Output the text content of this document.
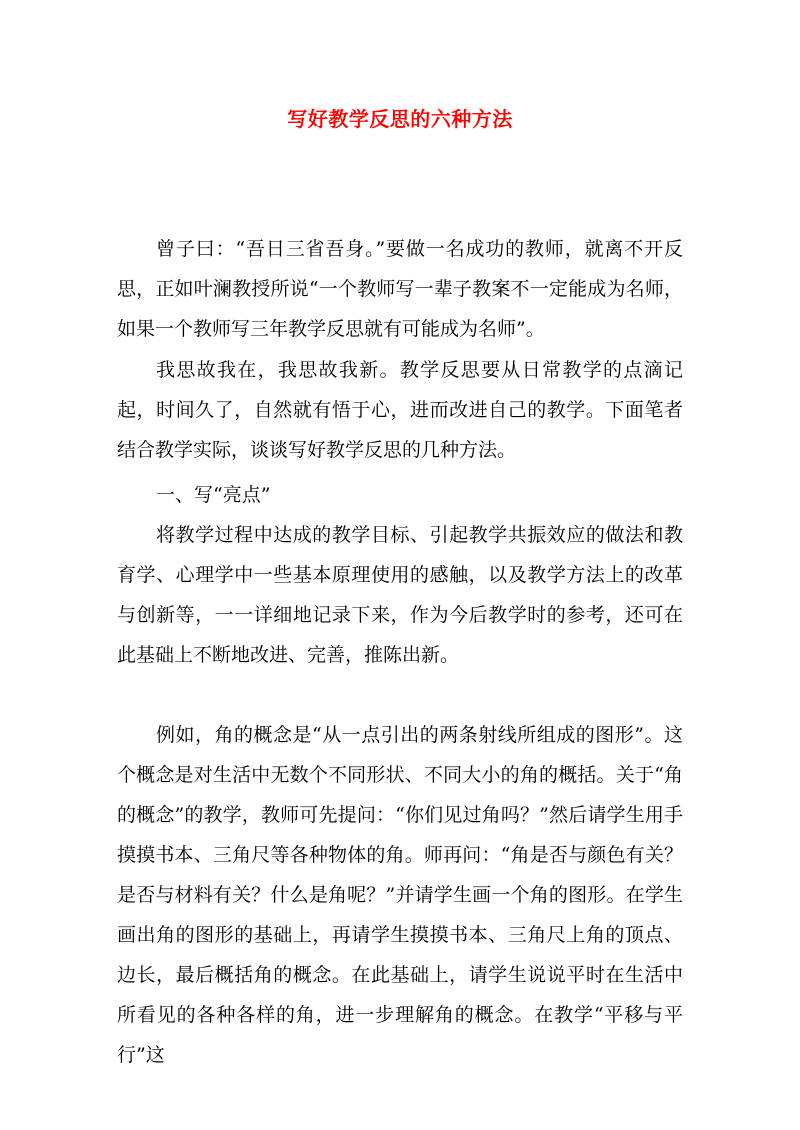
写好教学反思的六种方法

曾子曰：“吾日三省吾身。”要做一名成功的教师，就离不开反思，正如叶澜教授所说“一个教师写一辈子教案不一定能成为名师，如果一个教师写三年教学反思就有可能成为名师”。

我思故我在，我思故我新。教学反思要从日常教学的点滴记起，时间久了，自然就有悟于心，进而改进自己的教学。下面笔者结合教学实际，谈谈写好教学反思的几种方法。

一、写“亮点”

将教学过程中达成的教学目标、引起教学共振效应的做法和教育学、心理学中一些基本原理使用的感触，以及教学方法上的改革与创新等，一一详细地记录下来，作为今后教学时的参考，还可在此基础上不断地改进、完善，推陈出新。

例如，角的概念是“从一点引出的两条射线所组成的图形”。这个概念是对生活中无数个不同形状、不同大小的角的概括。关于“角的概念”的教学，教师可先提问：“你们见过角吗？”然后请学生用手摸摸书本、三角尺等各种物体的角。师再问：“角是否与颜色有关？是否与材料有关？什么是角呢？”并请学生画一个角的图形。在学生画出角的图形的基础上，再请学生摸摸书本、三角尺上角的顶点、边长，最后概括角的概念。在此基础上，请学生说说平时在生活中所看见的各种各样的角，进一步理解角的概念。在教学“平移与平行”这
